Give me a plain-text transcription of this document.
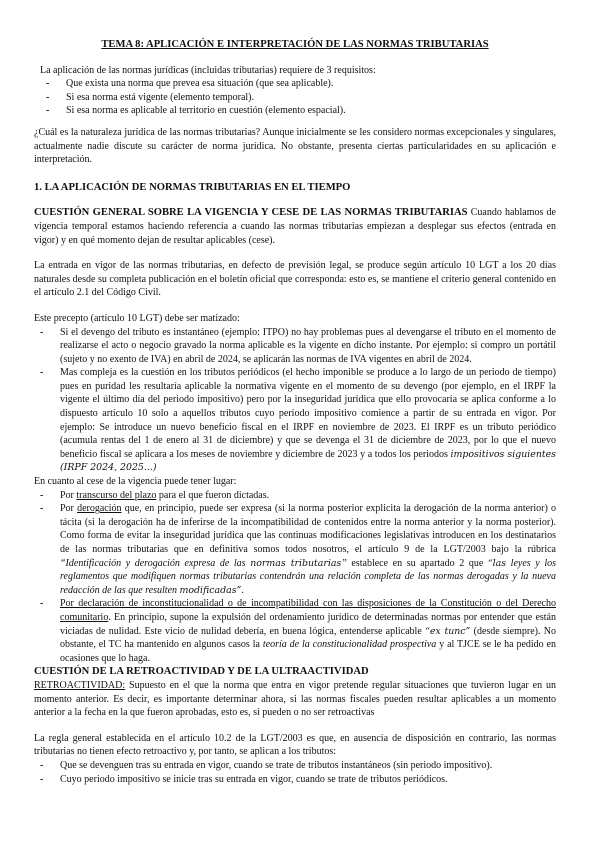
TEMA 8: APLICACIÓN E INTERPRETACIÓN DE LAS NORMAS TRIBUTARIAS

La aplicación de las normas jurídicas (incluidas tributarias) requiere de 3 requisitos:

- Que exista una norma que prevea esa situación (que sea aplicable).
- Si esa norma está vigente (elemento temporal).
- Si esa norma es aplicable al territorio en cuestión (elemento espacial).

¿Cuál es la naturaleza jurídica de las normas tributarias? Aunque inicialmente se les considero normas excepcionales y singulares, actualmente nadie discute su carácter de norma jurídica. No obstante, presenta ciertas particularidades en su aplicación e interpretación.

1. LA APLICACIÓN DE NORMAS TRIBUTARIAS EN EL TIEMPO

CUESTIÓN GENERAL SOBRE LA VIGENCIA Y CESE DE LAS NORMAS TRIBUTARIAS Cuando hablamos de vigencia temporal estamos haciendo referencia a cuando las normas tributarias empiezan a desplegar sus efectos (entrada en vigor) y en qué momento dejan de resultar aplicables (cese).

La entrada en vigor de las normas tributarias, en defecto de previsión legal, se produce según artículo 10 LGT a los 20 días naturales desde su completa publicación en el boletín oficial que corresponda: esto es, se mantiene el criterio general contenido en el artículo 2.1 del Código Civil.

Este precepto (artículo 10 LGT) debe ser matizado:

- Si el devengo del tributo es instantáneo (ejemplo: ITPO) no hay problemas pues al devengarse el tributo en el momento de realizarse el acto o negocio gravado la norma aplicable es la vigente en dicho instante. Por ejemplo: si compro un portátil (sujeto y no exento de IVA) en abril de 2024, se aplicarán las normas de IVA vigentes en abril de 2024.
- Mas compleja es la cuestión en los tributos periódicos (el hecho imponible se produce a lo largo de un periodo de tiempo) pues en puridad les resultaría aplicable la normativa vigente en el momento de su devengo (por ejemplo, en el IRPF la vigente el último día del periodo impositivo) pero por la inseguridad jurídica que ello provocaría se aplica conforme a lo dispuesto artículo 10 solo a aquellos tributos cuyo periodo impositivo comience a partir de su entrada en vigor. Por ejemplo: Se introduce un nuevo beneficio fiscal en el IRPF en noviembre de 2023. El IRPF es un tributo periódico (acumula rentas del 1 de enero al 31 de diciembre) y que se devenga el 31 de diciembre de 2023, por lo que el nuevo beneficio fiscal se aplicara a los meses de noviembre y diciembre de 2023 y a todos los periodos impositivos siguientes (IRPF 2024, 2025...)

En cuanto al cese de la vigencia puede tener lugar:

- Por transcurso del plazo para el que fueron dictadas.
- Por derogación que, en principio, puede ser expresa (si la norma posterior explicita la derogación de la norma anterior) o tácita (si la derogación ha de inferirse de la incompatibilidad de contenidos entre la norma anterior y la norma posterior). Como forma de evitar la inseguridad jurídica que las continuas modificaciones legislativas introducen en los destinatarios de las normas tributarias que en definitiva somos todos nosotros, el artículo 9 de la LGT/2003 bajo la rúbrica “Identificación y derogación expresa de las normas tributarias” establece en su apartado 2 que “las leyes y los reglamentos que modifiquen normas tributarias contendrán una relación completa de las normas derogadas y la nueva redacción de las que resulten modificadas”.
- Por declaración de inconstitucionalidad o de incompatibilidad con las disposiciones de la Constitución o del Derecho comunitario. En principio, supone la expulsión del ordenamiento jurídico de determinadas normas por entender que están viciadas de nulidad. Este vicio de nulidad debería, en buena lógica, entenderse aplicable “ex tunc” (desde siempre). No obstante, el TC ha mantenido en algunos casos la teoría de la constitucionalidad prospectiva y al TJCE se le ha pedido en ocasiones que lo haga.

CUESTIÓN DE LA RETROACTIVIDAD Y DE LA ULTRAACTIVIDAD

RETROACTIVIDAD: Supuesto en el que la norma que entra en vigor pretende regular situaciones que tuvieron lugar en un momento anterior. Es decir, es importante determinar ahora, si las normas fiscales pueden resultar aplicables a un momento anterior a la fecha en la que fueron aprobadas, esto es, si pueden o no ser retroactivas

La regla general establecida en el artículo 10.2 de la LGT/2003 es que, en ausencia de disposición en contrario, las normas tributarias no tienen efecto retroactivo y, por tanto, se aplican a los tributos:

- Que se devenguen tras su entrada en vigor, cuando se trate de tributos instantáneos (sin periodo impositivo).
- Cuyo periodo impositivo se inicie tras su entrada en vigor, cuando se trate de tributos periódicos.
